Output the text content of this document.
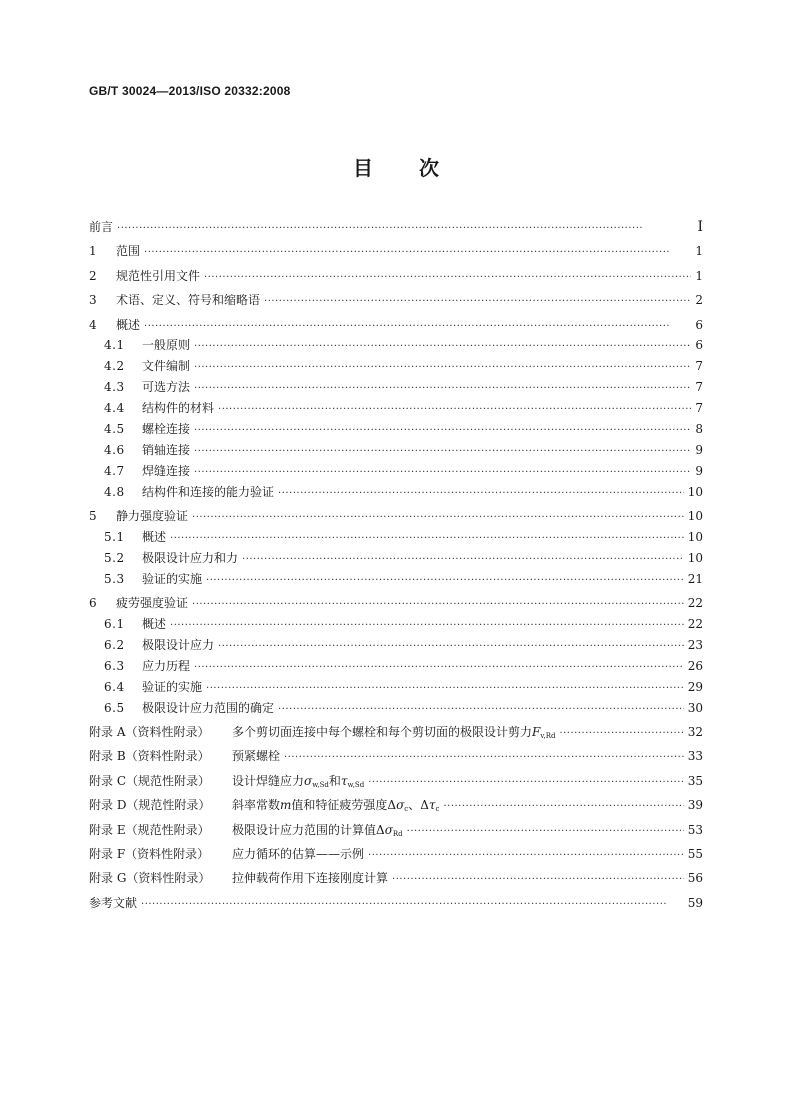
GB/T 30024—2013/ISO 20332:2008
目 次
前言 ·····	I
1	范围 ·····	1
2	规范性引用文件 ·····	1
3	术语、定义、符号和缩略语 ·····	2
4	概述 ·····	6
4.1	一般原则 ·····	6
4.2	文件编制 ·····	7
4.3	可选方法 ·····	7
4.4	结构件的材料 ·····	7
4.5	螺栓连接 ·····	8
4.6	销轴连接 ·····	9
4.7	焊缝连接 ·····	9
4.8	结构件和连接的能力验证 ·····	10
5	静力强度验证 ·····	10
5.1	概述 ·····	10
5.2	极限设计应力和力 ·····	10
5.3	验证的实施 ·····	21
6	疲劳强度验证 ·····	22
6.1	概述 ·····	22
6.2	极限设计应力 ·····	23
6.3	应力历程 ·····	26
6.4	验证的实施 ·····	29
6.5	极限设计应力范围的确定 ·····	30
附录 A（资料性附录）	多个剪切面连接中每个螺栓和每个剪切面的极限设计剪力 $F_{v,Rd}$ ·····	32
附录 B（资料性附录）	预紧螺栓 ·····	33
附录 C（规范性附录）	设计焊缝应力 $\sigma_{w,Sd}$ 和 $\tau_{w,Sd}$ ·····	35
附录 D（规范性附录）	斜率常数 m 值和特征疲劳强度 $\Delta\sigma_c$ 、 $\Delta\tau_c$ ·····	39
附录 E（规范性附录）	极限设计应力范围的计算值 $\Delta\sigma_{Rd}$ ·····	53
附录 F（资料性附录）	应力循环的估算——示例 ·····	55
附录 G（资料性附录）	拉伸载荷作用下连接刚度计算 ·····	56
参考文献 ·····	59
